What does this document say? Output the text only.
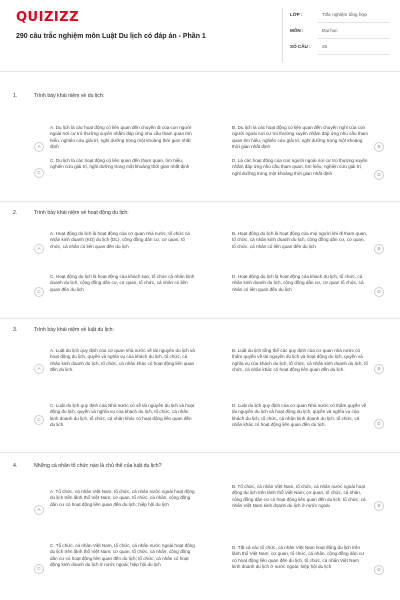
QUIZIZZ
290 câu trắc nghiệm môn Luật Du lịch có đáp án - Phần 1
LỚP :	Trắc nghiệm tổng hợp
MÔN :	Đại học
SỐ CÂU : 25
1.	Trình bày khái niệm về du lịch:
A
A. Du lịch là các hoạt động có liên quan đến chuyến đi của con người ngoài nơi cư trú thường xuyên nhằm đáp ứng nhu cầu tham quan tìm hiểu, nghiên cứu giải trí, nghỉ dưỡng trong một khoảng thời gian nhất định	B
B. Du lịch là các hoạt động có liên quan đến chuyến nghỉ của con người ngoài nơi cư trú thường xuyên nhằm đáp ứng nhu cầu tham quan tìm hiểu, nghiên cứu giải trí, nghỉ dưỡng trong một khoảng thời gian nhất định
C
C. Du lịch là các hoạt động có liên quan đến tham quan, tìm hiểu, nghiên cứu giải trí, nghỉ dưỡng trong một khoảng thời gian nhất định
D
D. Là các hoạt động của con người ngoài nơi cư trú thường xuyên nhằm đáp ứng nhu cầu tham quan, tìm hiểu, nghiên cứu giải trí, nghỉ dưỡng trong một khoảng thời gian nhất định
2.	Trình bày khái niệm về hoạt động du lịch:
A
A. Hoạt động du lịch là hoạt động của cơ quan nhà nước, tổ chức cá nhân kinh doanh (KD) du lịch (DL), cộng đồng dân cư, cơ quan, tổ chức, cá nhân có liên quan đến du lịch	B
B. Hoạt động du lịch là hoạt động của mọi người khi đi tham quan, tổ chức, cá nhân kinh doanh du lịch, cộng đồng dân cư, cơ quan, tổ chức, cá nhân có liên quan đến du lịch
C
C. Hoạt động du lịch là hoạt động của khách sạn, tổ chức cá nhân kinh doanh du lịch, cộng đồng dân cư, cơ quan, tổ chức, cá nhân có liên quan đến du lịch	D
D. Hoạt động du lịch là hoạt động của khách du lịch, tổ chức, cá nhân kinh doanh du lịch, cộng đồng dân cư, cơ quan tổ chức, cá nhân có liên quan đến du lịch
3.	Trình bày khái niệm về luật du lịch:
A
A. Luật du lịch quy định của cơ quan nhà nước về tài nguyên du lịch và hoạt động du lịch, quyền và nghĩa vụ của khách du lịch, tổ chức, cá nhân kinh doanh du lịch, tổ chức, cá nhân khác có hoạt động liên quan đến du lịch.	B
B. Luật du lịch tổng thể các quy định của cơ quan nhà nước có thẩm quyền về tài nguyên du lịch và hoạt động du lịch, quyền và nghĩa vụ của khách du lịch, tổ chức, cá nhân kinh doanh du lịch, tổ chức, cá nhân khác có hoạt động liên quan đến du lịch.
C
C. Luật du lịch quy định của Nhà nước có về tài nguyên du lịch và hoạt động du lịch, quyền và nghĩa vụ của khách du lịch, tổ chức, cá nhân kinh doanh du lịch, tổ chức, cá nhân khác có hoạt động liên quan đến du lịch.	D
D. Luật du lịch quy định của cơ quan Nhà nước có thẩm quyền về tài nguyên du lịch và hoạt động du lịch, quyền và nghĩa vụ của khách du lịch, tổ chức, cá nhân kinh doanh du lịch, tổ chức, cá nhân khác có hoạt động liên quan đến du lịch.
4.	Những cá nhân tổ chức nào là chủ thể của luật du lịch?
A
A. Tổ chức, cá nhân Việt Nam, tổ chức, cá nhân nước ngoài hoạt động du lịch trên lãnh thổ Việt Nam; cơ quan, tổ chức, cá nhân, cộng đồng dân cư có hoạt động liên quan đến du lịch; hiệp hội du lịch	B
B. Tổ chức, cá nhân Việt Nam, tổ chức, cá nhân nước ngoài hoạt động du lịch trên lãnh thổ Việt Nam; cơ quan, tổ chức, cá nhân, cộng đồng dân cư có hoạt động liên quan đến du lịch; tổ chức, cá nhân Việt Nam kinh doanh du lịch ở nước ngoài
C
C. Tổ chức, cá nhân Việt Nam, tổ chức, cá nhân nước ngoài hoạt động du lịch trên lãnh thổ Việt Nam; cơ quan, tổ chức, cá nhân, cộng đồng dân cư có hoạt động liên quan đến du lịch; tổ chức, cá nhân có hoạt động kinh doanh du lịch ở nước ngoài; hiệp hội du lịch
D
D. Tất cả các tổ chức, cá nhân Việt Nam hoạt động du lịch trên lãnh thổ Việt Nam; cơ quan, tổ chức, cá nhân, cộng đồng dân cư có hoạt động liên quan đến du lịch, tổ chức, cá nhân Việt Nam kinh doanh du lịch ở nước ngoài; hiệp hội du lịch
